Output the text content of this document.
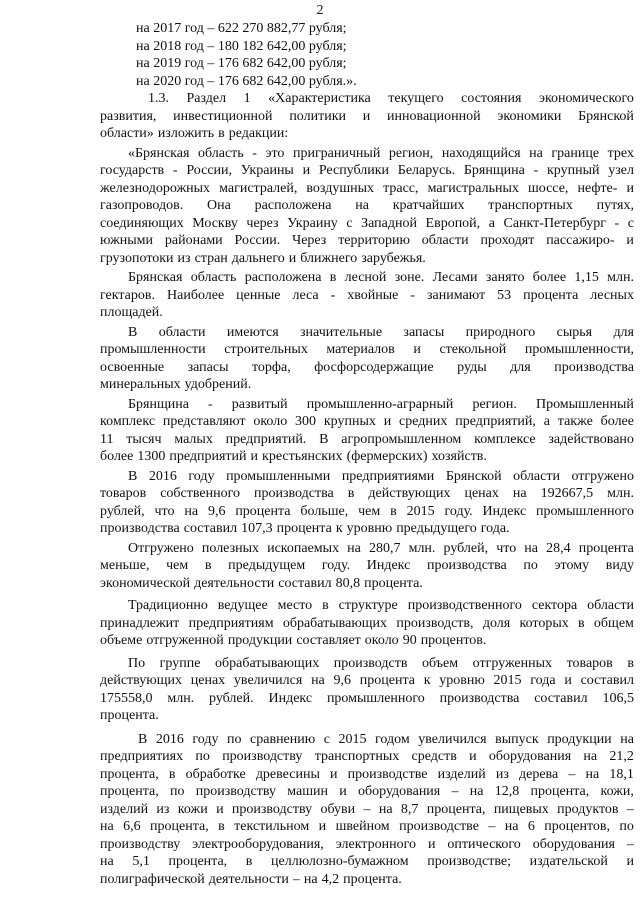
2
на 2017 год – 622 270 882,77 рубля;
на 2018 год – 180 182 642,00 рубля;
на 2019 год – 176 682 642,00 рубля;
на 2020 год – 176 682 642,00 рубля.».
1.3. Раздел 1 «Характеристика текущего состояния экономического
развития, инвестиционной политики и инновационной экономики Брянской
области» изложить в редакции:
«Брянская область - это приграничный регион, находящийся на границе трех
государств - России, Украины и Республики Беларусь. Брянщина - крупный узел
железнодорожных магистралей, воздушных трасс, магистральных шоссе, нефте- и
газопроводов. Она расположена на кратчайших транспортных путях,
соединяющих Москву через Украину с Западной Европой, а Санкт-Петербург - с
южными районами России. Через территорию области проходят пассажиро- и
грузопотоки из стран дальнего и ближнего зарубежья.
Брянская область расположена в лесной зоне. Лесами занято более 1,15 млн.
гектаров. Наиболее ценные леса - хвойные - занимают 53 процента лесных
площадей.
В области имеются значительные запасы природного сырья для
промышленности строительных материалов и стекольной промышленности,
освоенные запасы торфа, фосфорсодержащие руды для производства
минеральных удобрений.
Брянщина - развитый промышленно-аграрный регион. Промышленный
комплекс представляют около 300 крупных и средних предприятий, а также более
11 тысяч малых предприятий. В агропромышленном комплексе задействовано
более 1300 предприятий и крестьянских (фермерских) хозяйств.
В 2016 году промышленными предприятиями Брянской области отгружено
товаров собственного производства в действующих ценах на 192667,5 млн.
рублей, что на 9,6 процента больше, чем в 2015 году. Индекс промышленного
производства составил 107,3 процента к уровню предыдущего года.
Отгружено полезных ископаемых на 280,7 млн. рублей, что на 28,4 процента
меньше, чем в предыдущем году. Индекс производства по этому виду
экономической деятельности составил 80,8 процента.
Традиционно ведущее место в структуре производственного сектора области
принадлежит предприятиям обрабатывающих производств, доля которых в общем
объеме отгруженной продукции составляет около 90 процентов.
По группе обрабатывающих производств объем отгруженных товаров в
действующих ценах увеличился на 9,6 процента к уровню 2015 года и составил
175558,0 млн. рублей. Индекс промышленного производства составил 106,5
процента.
В 2016 году по сравнению с 2015 годом увеличился выпуск продукции на
предприятиях по производству транспортных средств и оборудования на 21,2
процента, в обработке древесины и производстве изделий из дерева – на 18,1
процента, по производству машин и оборудования – на 12,8 процента, кожи,
изделий из кожи и производству обуви – на 8,7 процента, пищевых продуктов –
на 6,6 процента, в текстильном и швейном производстве – на 6 процентов, по
производству электрооборудования, электронного и оптического оборудования –
на 5,1 процента, в целлюлозно-бумажном производстве; издательской и
полиграфической деятельности – на 4,2 процента.
